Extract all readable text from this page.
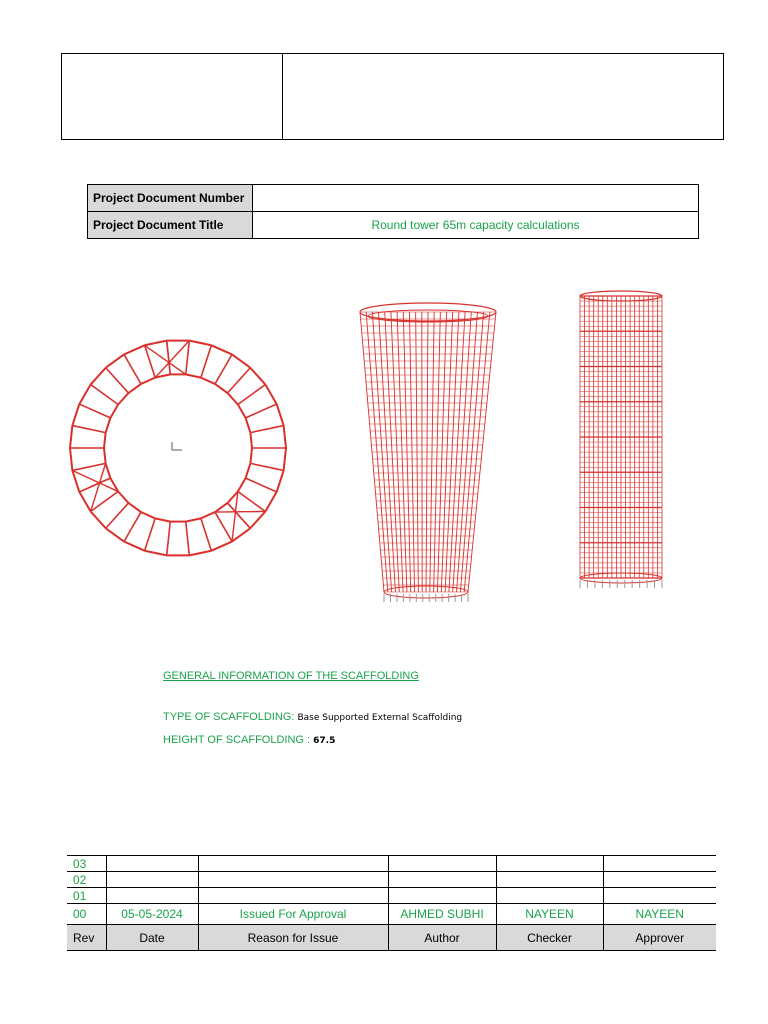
Project Document Number	
Project Document Title	Round tower 65m capacity calculations
GENERAL INFORMATION OF THE SCAFFOLDING
TYPE OF SCAFFOLDING: Base Supported External Scaffolding
HEIGHT OF SCAFFOLDING : 67.5
03					
02					
01					
00	05-05-2024	Issued For Approval	AHMED SUBHI	NAYEEN	NAYEEN
Rev	Date	Reason for Issue	Author	Checker	Approver
